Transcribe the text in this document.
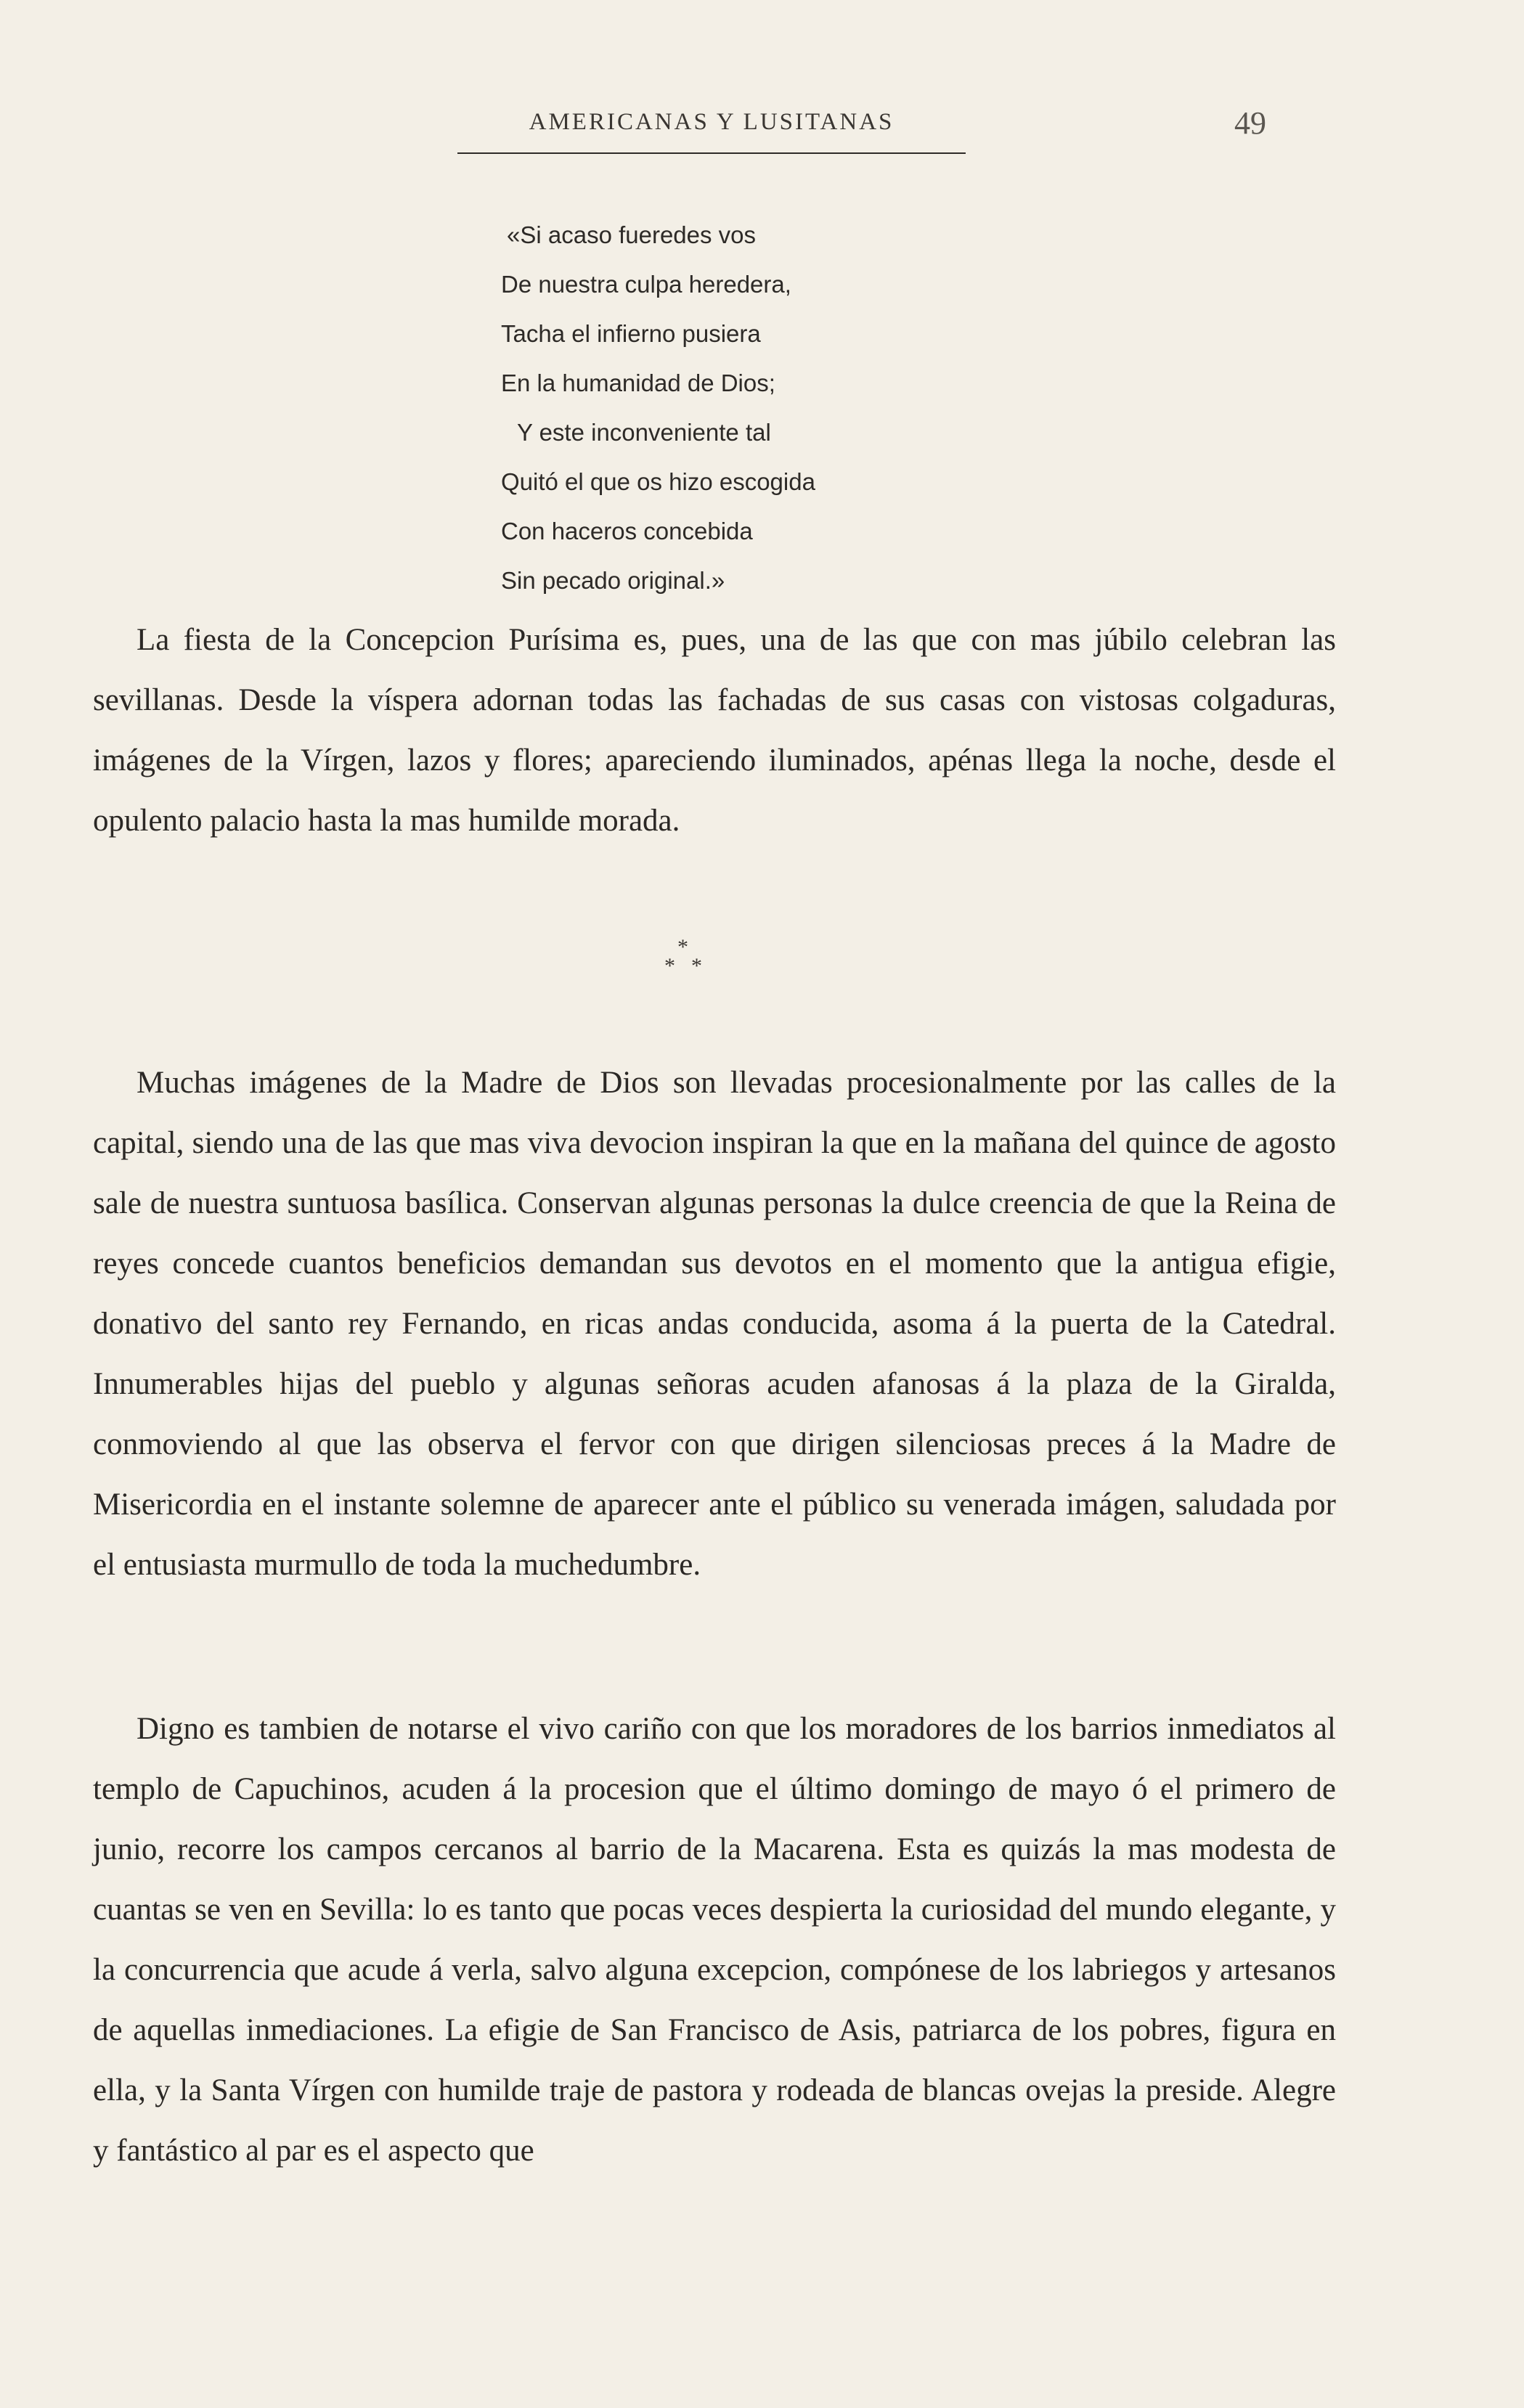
AMERICANAS Y LUSITANAS	49
«Si acaso fueredes vos
De nuestra culpa heredera,
Tacha el infierno pusiera
En la humanidad de Dios;
Y este inconveniente tal
Quitó el que os hizo escogida
Con haceros concebida
Sin pecado original.»

La fiesta de la Concepcion Purísima es, pues, una de las que con mas júbilo celebran las sevillanas. Desde la víspera adornan todas las fachadas de sus casas con vistosas colgaduras, imágenes de la Vírgen, lazos y flores; apareciendo iluminados, apénas llega la noche, desde el opulento palacio hasta la mas humilde morada.

*
* *

Muchas imágenes de la Madre de Dios son llevadas procesionalmente por las calles de la capital, siendo una de las que mas viva devocion inspiran la que en la mañana del quince de agosto sale de nuestra suntuosa basílica. Conservan algunas personas la dulce creencia de que la Reina de reyes concede cuantos beneficios demandan sus devotos en el momento que la antigua efigie, donativo del santo rey Fernando, en ricas andas conducida, asoma á la puerta de la Catedral. Innumerables hijas del pueblo y algunas señoras acuden afanosas á la plaza de la Giralda, conmoviendo al que las observa el fervor con que dirigen silenciosas preces á la Madre de Misericordia en el instante solemne de aparecer ante el público su venerada imágen, saludada por el entusiasta murmullo de toda la muchedumbre.

Digno es tambien de notarse el vivo cariño con que los moradores de los barrios inmediatos al templo de Capuchinos, acuden á la procesion que el último domingo de mayo ó el primero de junio, recorre los campos cercanos al barrio de la Macarena. Esta es quizás la mas modesta de cuantas se ven en Sevilla: lo es tanto que pocas veces despierta la curiosidad del mundo elegante, y la concurrencia que acude á verla, salvo alguna excepcion, compónese de los labriegos y artesanos de aquellas inmediaciones. La efigie de San Francisco de Asis, patriarca de los pobres, figura en ella, y la Santa Vírgen con humilde traje de pastora y rodeada de blancas ovejas la preside. Alegre y fantástico al par es el aspecto que
